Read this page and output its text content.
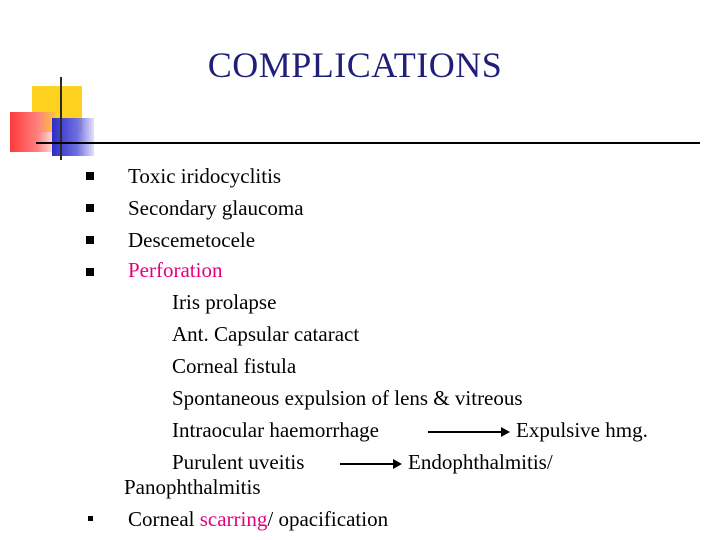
COMPLICATIONS
Toxic iridocyclitis
Secondary glaucoma
Descemetocele
Perforation
Iris prolapse
Ant. Capsular cataract
Corneal fistula
Spontaneous expulsion of lens & vitreous
Intraocular haemorrhage	Expulsive hmg.
Purulent uveitis	Endophthalmitis/
Panophthalmitis
Corneal scarring/ opacification
